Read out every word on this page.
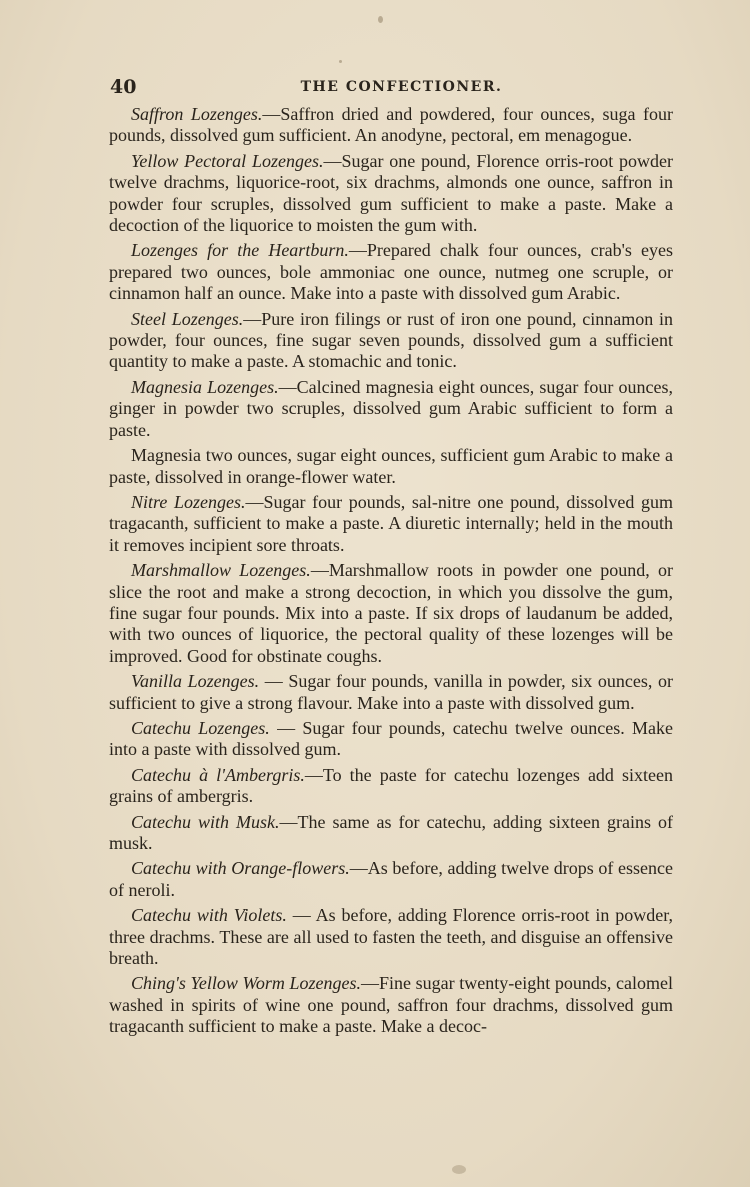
40	THE CONFECTIONER.

Saffron Lozenges.—Saffron dried and powdered, four ounces, suga four pounds, dissolved gum sufficient. An anodyne, pectoral, em menagogue.

Yellow Pectoral Lozenges.—Sugar one pound, Florence orris-root powder twelve drachms, liquorice-root, six drachms, almonds one ounce, saffron in powder four scruples, dissolved gum sufficient to make a paste. Make a decoction of the liquorice to moisten the gum with.

Lozenges for the Heartburn.—Prepared chalk four ounces, crab's eyes prepared two ounces, bole ammoniac one ounce, nutmeg one scruple, or cinnamon half an ounce. Make into a paste with dissolved gum Arabic.

Steel Lozenges.—Pure iron filings or rust of iron one pound, cinnamon in powder, four ounces, fine sugar seven pounds, dissolved gum a sufficient quantity to make a paste. A stomachic and tonic.

Magnesia Lozenges.—Calcined magnesia eight ounces, sugar four ounces, ginger in powder two scruples, dissolved gum Arabic sufficient to form a paste.

Magnesia two ounces, sugar eight ounces, sufficient gum Arabic to make a paste, dissolved in orange-flower water.

Nitre Lozenges.—Sugar four pounds, sal-nitre one pound, dissolved gum tragacanth, sufficient to make a paste. A diuretic internally; held in the mouth it removes incipient sore throats.

Marshmallow Lozenges.—Marshmallow roots in powder one pound, or slice the root and make a strong decoction, in which you dissolve the gum, fine sugar four pounds. Mix into a paste. If six drops of laudanum be added, with two ounces of liquorice, the pectoral quality of these lozenges will be improved. Good for obstinate coughs.

Vanilla Lozenges. — Sugar four pounds, vanilla in powder, six ounces, or sufficient to give a strong flavour. Make into a paste with dissolved gum.

Catechu Lozenges. — Sugar four pounds, catechu twelve ounces. Make into a paste with dissolved gum.

Catechu à l'Ambergris.—To the paste for catechu lozenges add sixteen grains of ambergris.

Catechu with Musk.—The same as for catechu, adding sixteen grains of musk.

Catechu with Orange-flowers.—As before, adding twelve drops of essence of neroli.

Catechu with Violets. — As before, adding Florence orris-root in powder, three drachms. These are all used to fasten the teeth, and disguise an offensive breath.

Ching's Yellow Worm Lozenges.—Fine sugar twenty-eight pounds, calomel washed in spirits of wine one pound, saffron four drachms, dissolved gum tragacanth sufficient to make a paste. Make a decoc-
